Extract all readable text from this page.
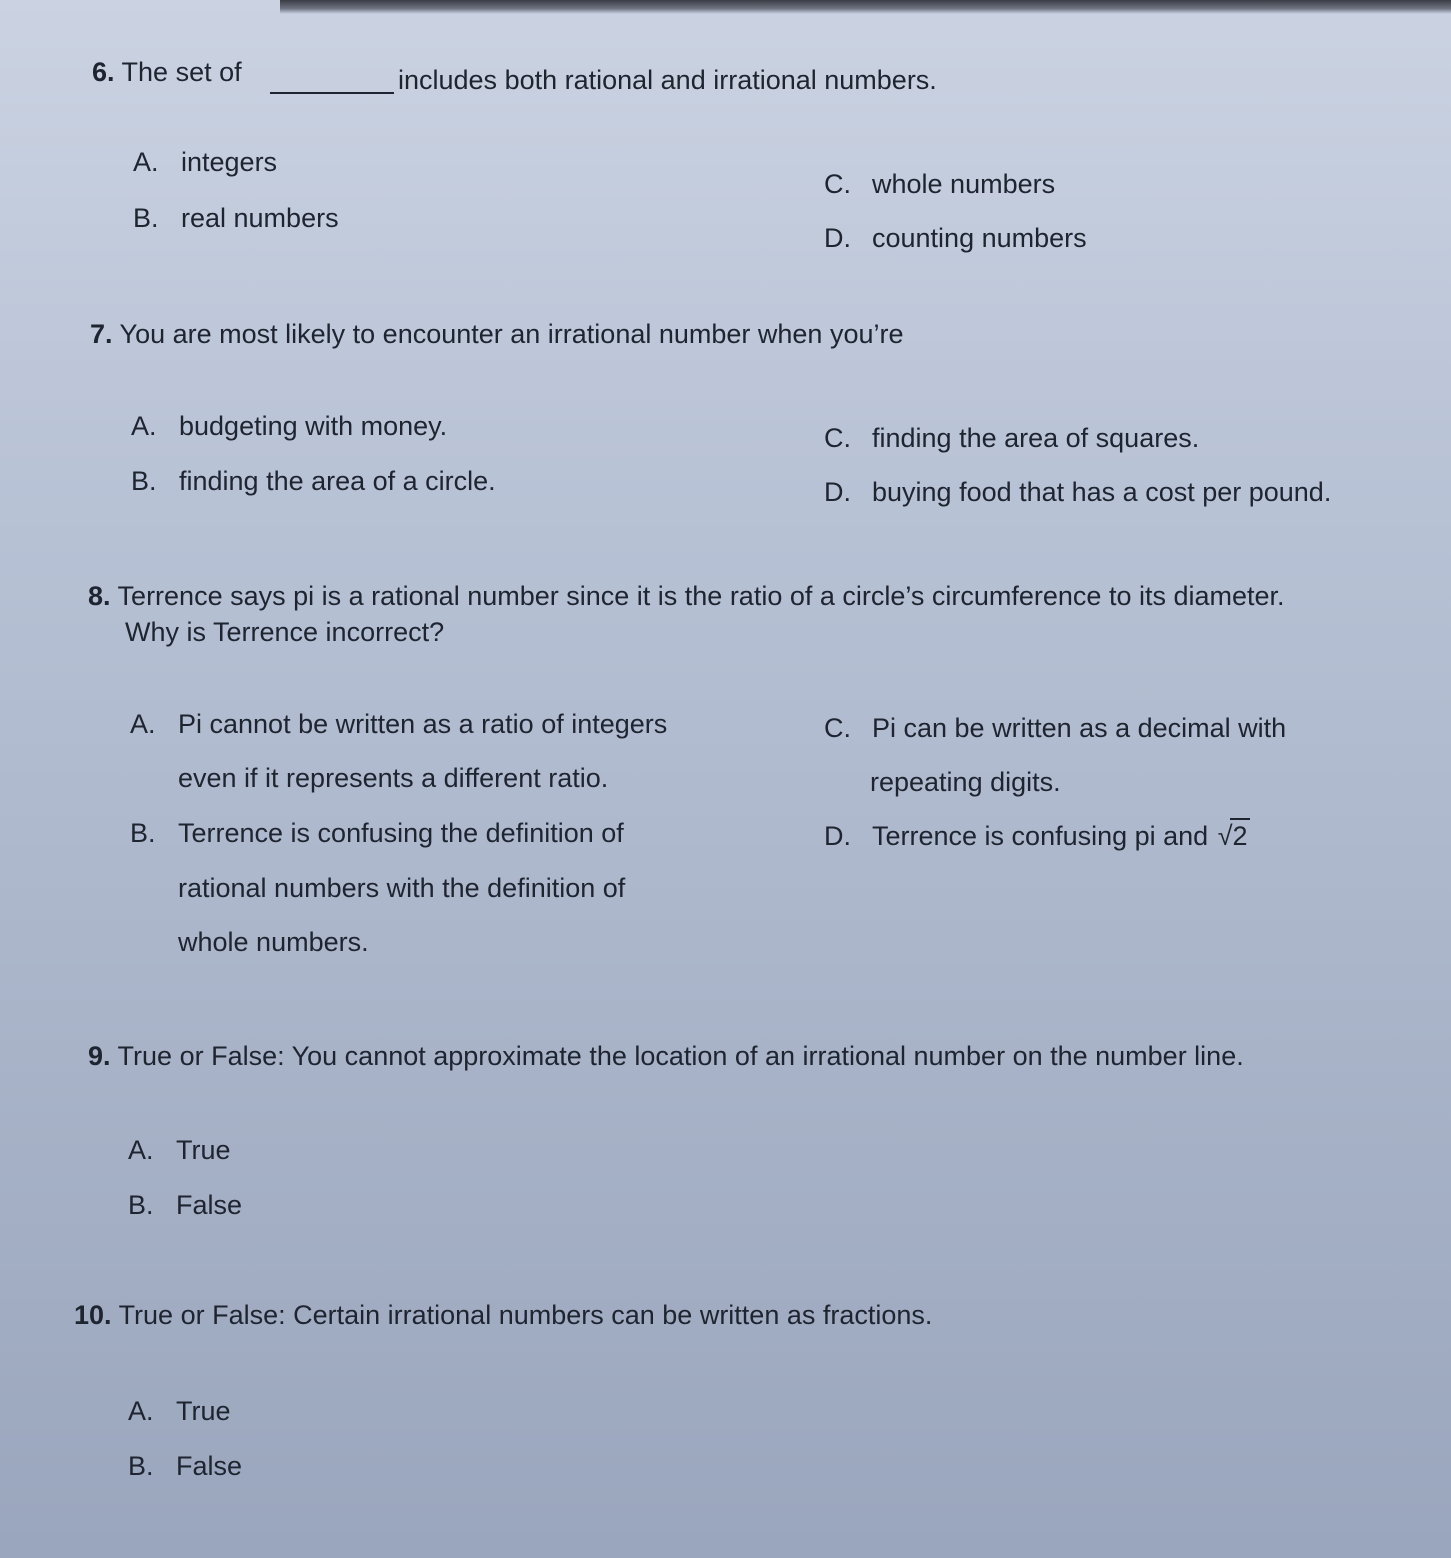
6. The set of	includes both rational and irrational numbers.
A. integers
B. real numbers
C. whole numbers
D. counting numbers
7. You are most likely to encounter an irrational number when you’re
A. budgeting with money.
B. finding the area of a circle.
C. finding the area of squares.
D. buying food that has a cost per pound.
8. Terrence says pi is a rational number since it is the ratio of a circle’s circumference to its diameter.
Why is Terrence incorrect?
A. Pi cannot be written as a ratio of integers
even if it represents a different ratio.
B. Terrence is confusing the definition of
rational numbers with the definition of
whole numbers.
C. Pi can be written as a decimal with
repeating digits.
D. Terrence is confusing pi and √
2
9. True or False: You cannot approximate the location of an irrational number on the number line.
A. True
B. False
10. True or False: Certain irrational numbers can be written as fractions.
A. True
B. False
